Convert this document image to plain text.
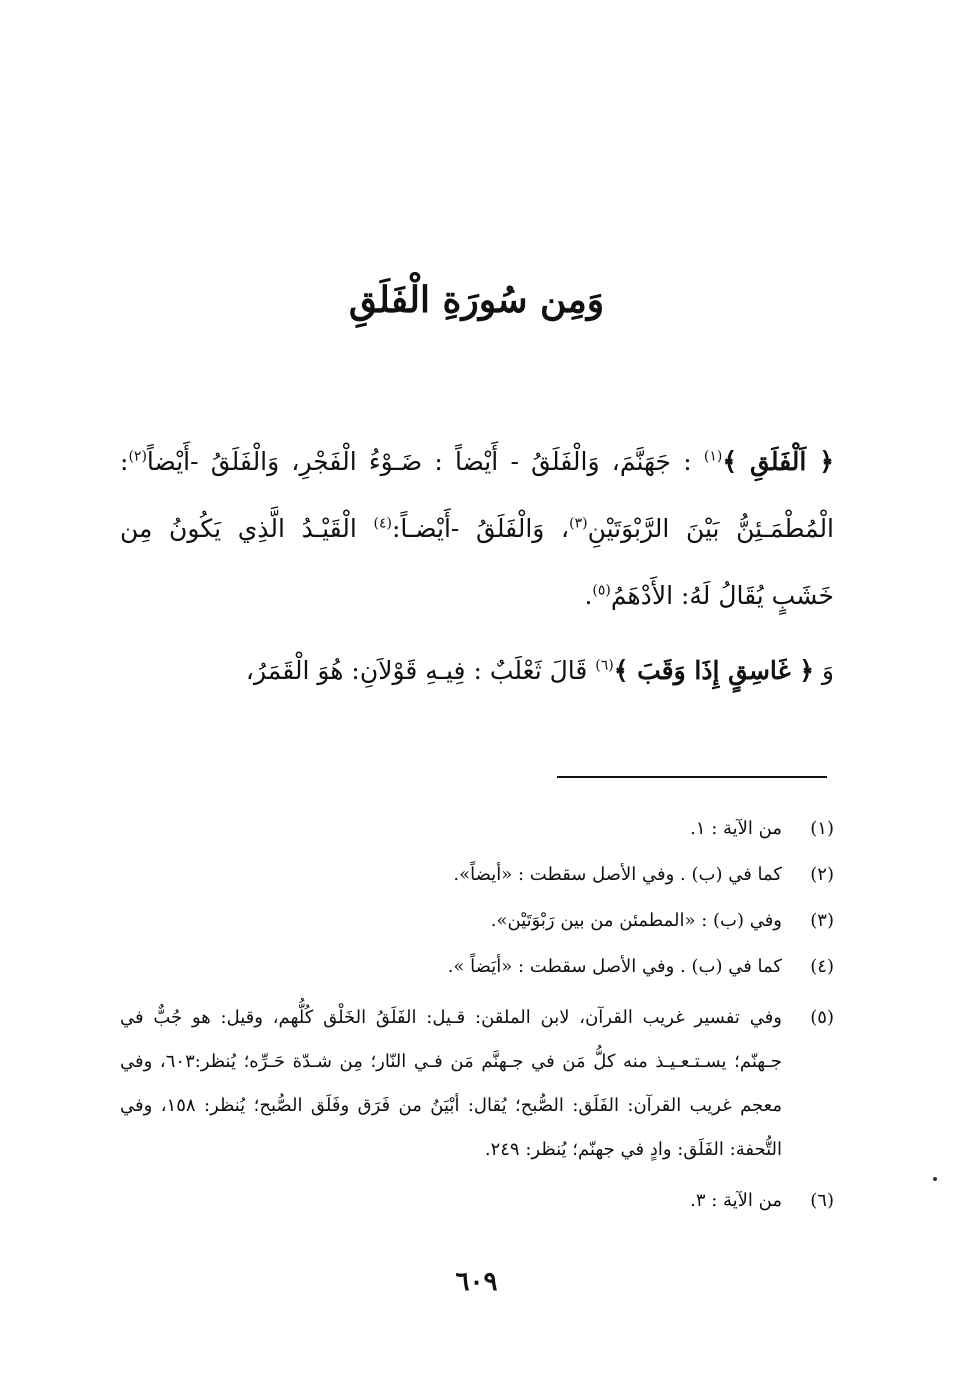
وَمِن سُورَةِ الْفَلَقِ

﴿ اَلْفَلَقِ ﴾$^{(١)}$ : جَهَنَّمَ، وَالْفَلَقُ - أَيْضاً : ضَـوْءُ الْفَجْرِ، وَالْفَلَقُ -أَيْضاً$^{(٢)}$: الْمُطْمَـئِنُّ بَيْنَ الرَّبْوَتَيْنِ$^{(٣)}$، وَالْفَلَقُ -أَيْضـاً:$^{(٤)}$ الْقَيْـدُ الَّذِي يَكُونُ مِن خَشَبٍ يُقَالُ لَهُ: الأَدْهَمُ$^{(٥)}$.

وَ ﴿ غَاسِقٍ إِذَا وَقَبَ ﴾$^{(٦)}$ قَالَ ثَعْلَبٌ : فِيـهِ قَوْلاَنِ: هُوَ الْقَمَرُ،

(١)
من الآية : ١.
(٢)
كما في (ب) . وفي الأصل سقطت : «أيضاً».
(٣)
وفي (ب) : «المطمئن من بين رَبْوَتَيْن».
(٤)
كما في (ب) . وفي الأصل سقطت : «أيَضاً ».
(٥)
وفي تفسير غريب القرآن، لابن الملقن: قـيل: الفَلَقُ الخَلْق كُلُّهم، وقيل: هو جُبٌّ في جـهنّم؛ يسـتـعـيـذ منه كلُّ مَن في جـهنَّم مَن فـي النّار؛ مِن شـدّة حَـرِّه؛ يُنظر:٦٠٣، وفي معجم غريب القرآن: الفَلَق: الصُّبح؛ يُقال: أبْيَنُ من فَرَق وفَلَق الصُّبح؛ يُنظر: ١٥٨، وفي التُّحفة: الفَلَق: وادٍ في جهنّم؛ يُنظر: ٢٤٩.
(٦)
من الآية : ٣.
٦٠٩
